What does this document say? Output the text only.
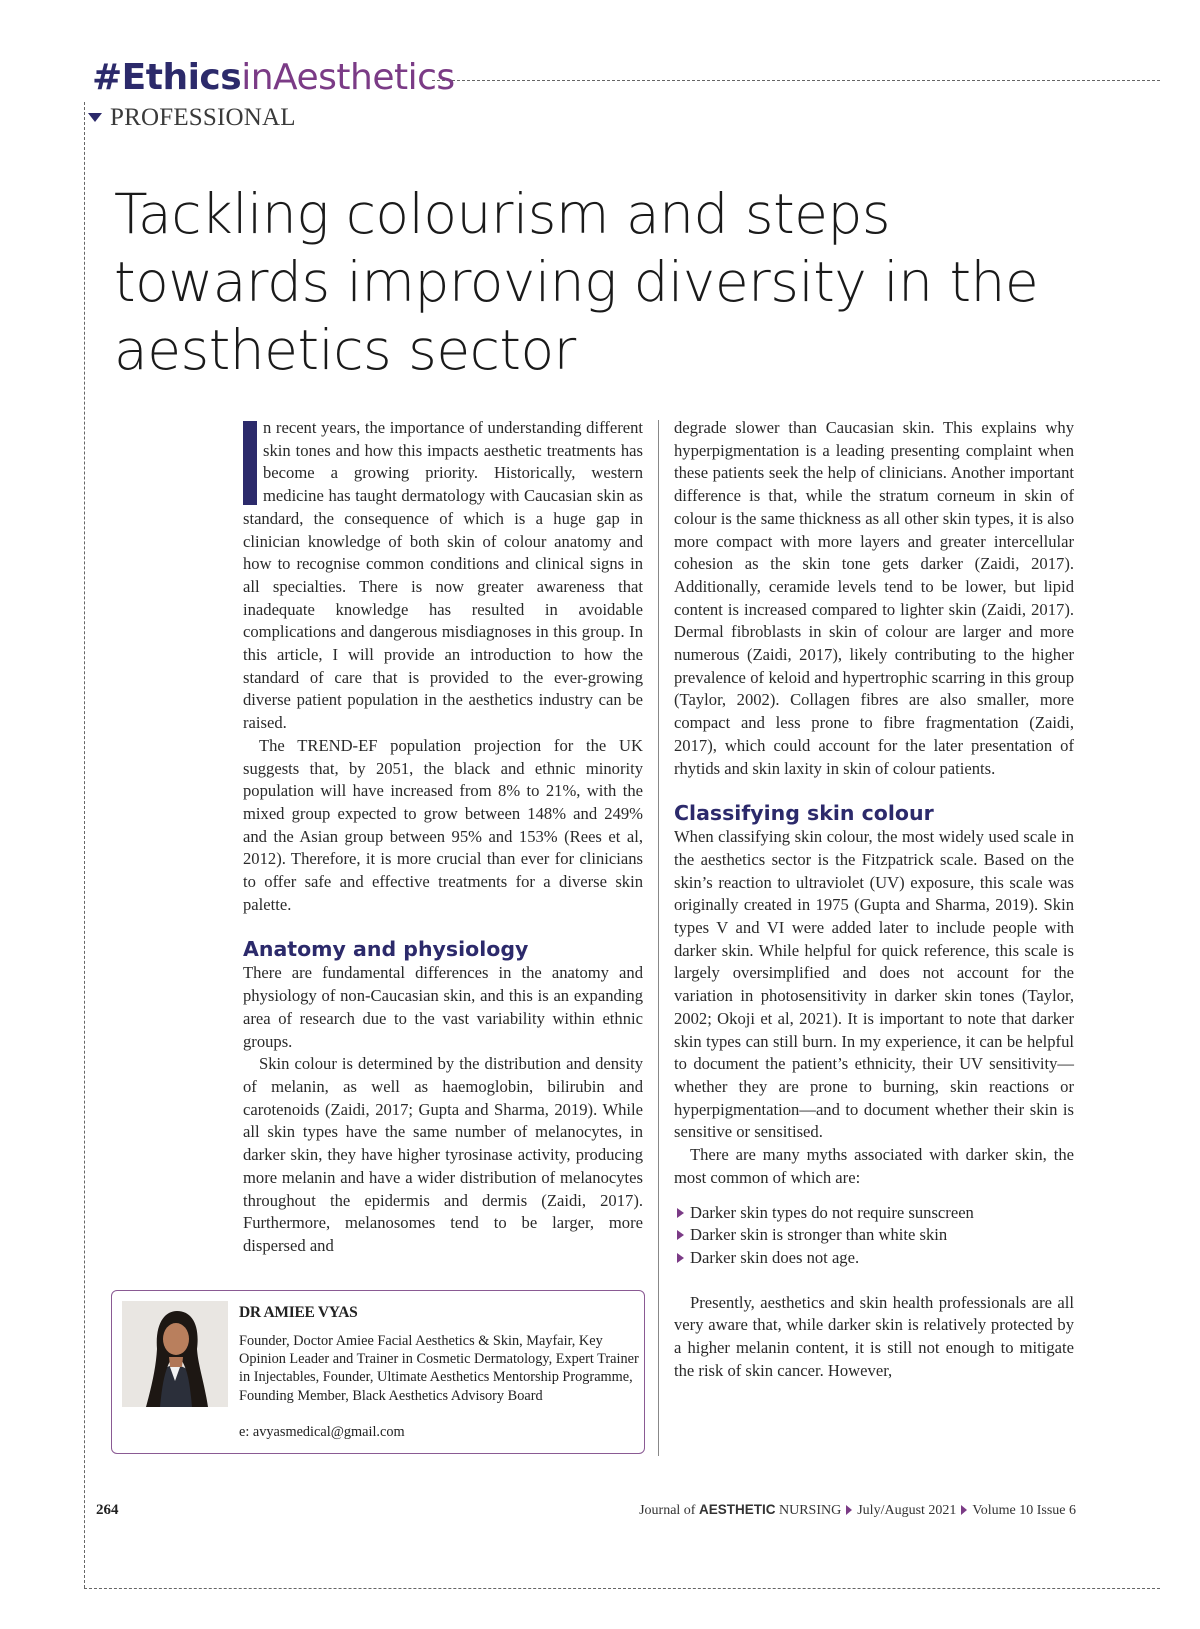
#EthicsinAesthetics
PROFESSIONAL
Tackling colourism and steps towards improving diversity in the aesthetics sector

n recent years, the importance of understanding different skin tones and how this impacts aesthetic treatments has become a growing priority. Historically, western medicine has taught dermatology with Caucasian skin as standard, the consequence of which is a huge gap in clinician knowledge of both skin of colour anatomy and how to recognise common conditions and clinical signs in all specialties. There is now greater awareness that inadequate knowledge has resulted in avoidable complications and dangerous misdiagnoses in this group. In this article, I will provide an introduction to how the standard of care that is provided to the ever-growing diverse patient population in the aesthetics industry can be raised.

The TREND-EF population projection for the UK suggests that, by 2051, the black and ethnic minority population will have increased from 8% to 21%, with the mixed group expected to grow between 148% and 249% and the Asian group between 95% and 153% (Rees et al, 2012). Therefore, it is more crucial than ever for clinicians to offer safe and effective treatments for a diverse skin palette.

Anatomy and physiology

There are fundamental differences in the anatomy and physiology of non-Caucasian skin, and this is an expanding area of research due to the vast variability within ethnic groups.

Skin colour is determined by the distribution and density of melanin, as well as haemoglobin, bilirubin and carotenoids (Zaidi, 2017; Gupta and Sharma, 2019). While all skin types have the same number of melanocytes, in darker skin, they have higher tyrosinase activity, producing more melanin and have a wider distribution of melanocytes throughout the epidermis and dermis (Zaidi, 2017). Furthermore, melanosomes tend to be larger, more dispersed and

degrade slower than Caucasian skin. This explains why hyperpigmentation is a leading presenting complaint when these patients seek the help of clinicians. Another important difference is that, while the stratum corneum in skin of colour is the same thickness as all other skin types, it is also more compact with more layers and greater intercellular cohesion as the skin tone gets darker (Zaidi, 2017). Additionally, ceramide levels tend to be lower, but lipid content is increased compared to lighter skin (Zaidi, 2017). Dermal fibroblasts in skin of colour are larger and more numerous (Zaidi, 2017), likely contributing to the higher prevalence of keloid and hypertrophic scarring in this group (Taylor, 2002). Collagen fibres are also smaller, more compact and less prone to fibre fragmentation (Zaidi, 2017), which could account for the later presentation of rhytids and skin laxity in skin of colour patients.

Classifying skin colour

When classifying skin colour, the most widely used scale in the aesthetics sector is the Fitzpatrick scale. Based on the skin’s reaction to ultraviolet (UV) exposure, this scale was originally created in 1975 (Gupta and Sharma, 2019). Skin types V and VI were added later to include people with darker skin. While helpful for quick reference, this scale is largely oversimplified and does not account for the variation in photosensitivity in darker skin tones (Taylor, 2002; Okoji et al, 2021). It is important to note that darker skin types can still burn. In my experience, it can be helpful to document the patient’s ethnicity, their UV sensitivity—whether they are prone to burning, skin reactions or hyperpigmentation—and to document whether their skin is sensitive or sensitised.

There are many myths associated with darker skin, the most common of which are:

Darker skin types do not require sunscreen
Darker skin is stronger than white skin
Darker skin does not age.

Presently, aesthetics and skin health professionals are all very aware that, while darker skin is relatively protected by a higher melanin content, it is still not enough to mitigate the risk of skin cancer. However,

DR AMIEE VYAS
Founder, Doctor Amiee Facial Aesthetics & Skin, Mayfair, Key Opinion Leader and Trainer in Cosmetic Dermatology, Expert Trainer in Injectables, Founder, Ultimate Aesthetics Mentorship Programme, Founding Member, Black Aesthetics Advisory Board
e: avyasmedical@gmail.com
264	Journal of AESTHETIC NURSING July/August 2021 Volume 10 Issue 6
